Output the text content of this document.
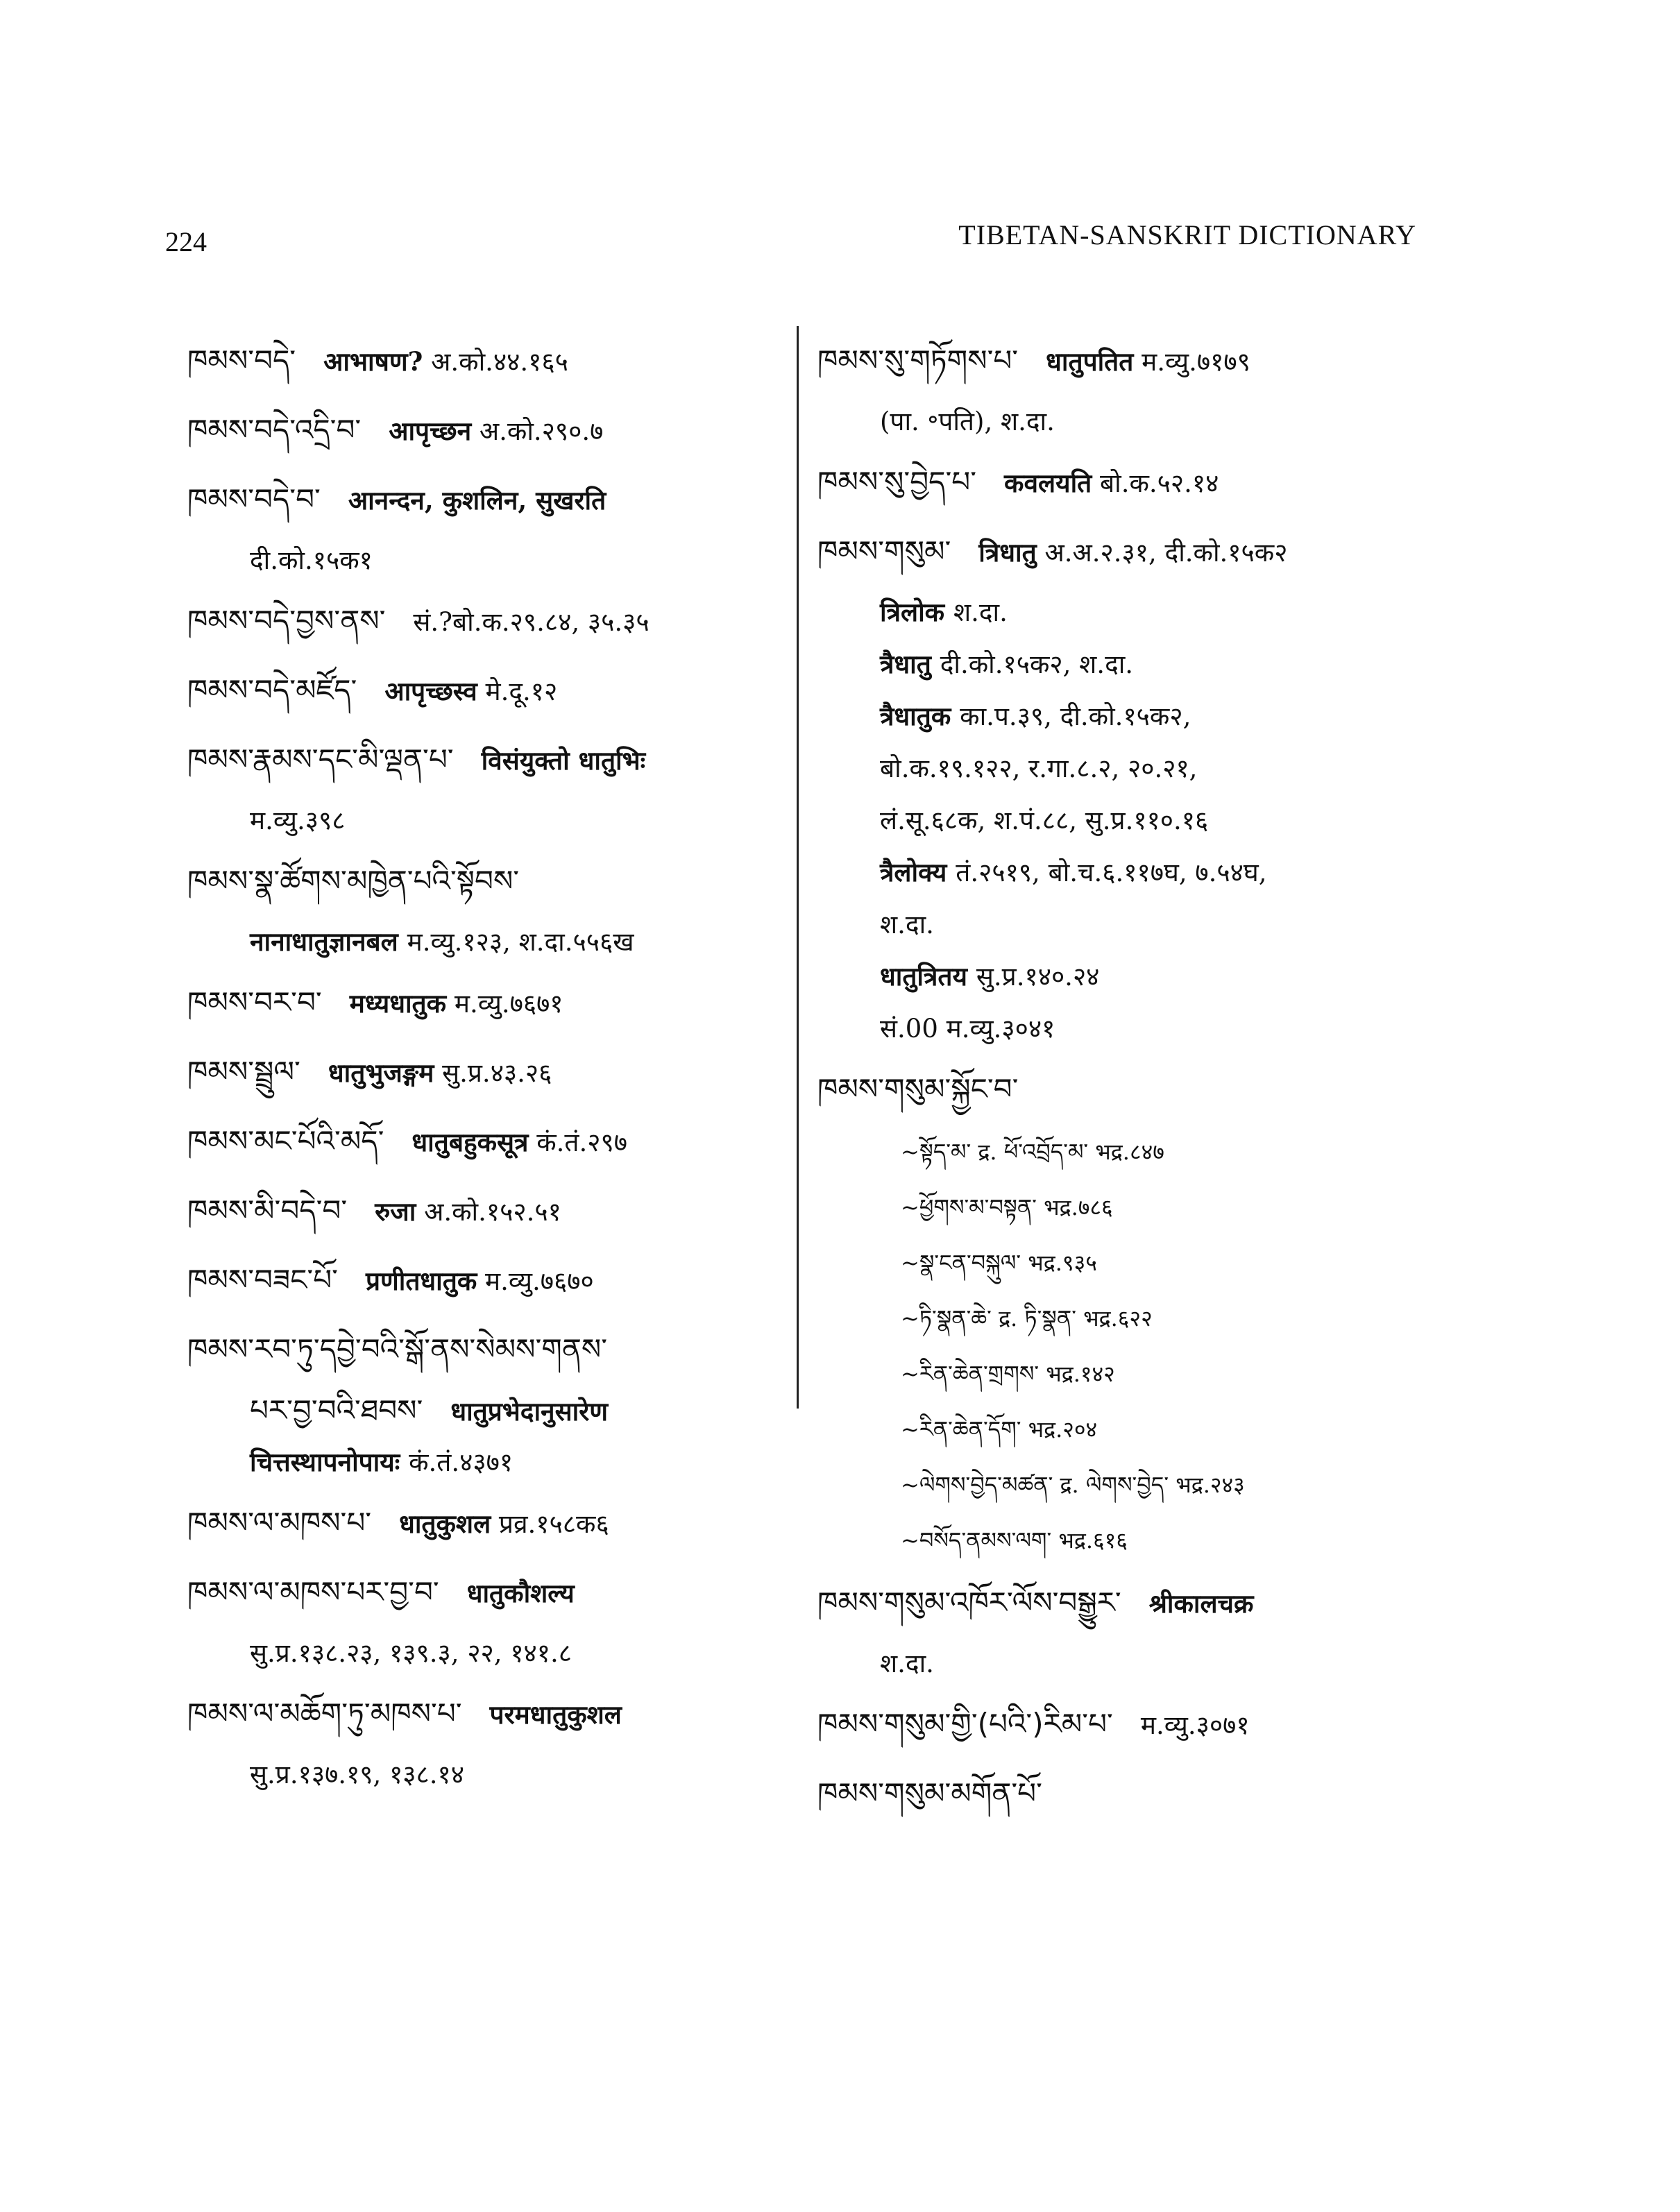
224	TIBETAN-SANSKRIT DICTIONARY
ཁམས་བདེ་ आभाषण? अ.को.४४.१६५
ཁམས་བདེ་འདྲི་བ་ आपृच्छन अ.को.२९०.७
ཁམས་བདེ་བ་ आनन्दन, कुशलिन, सुखरति
दी.को.१५क१
ཁམས་བདེ་བྱས་ནས་ सं.?बो.क.२९.८४, ३५.३५
ཁམས་བདེ་མཛོད་ आपृच्छस्व मे.दू.१२
ཁམས་རྣམས་དང་མི་ལྡན་པ་ विसंयुक्तो धातुभिः
म.व्यु.३९८
ཁམས་སྣ་ཚོགས་མཁྱེན་པའི་སྟོབས་
नानाधातुज्ञानबल म.व्यु.१२३, श.दा.५५६ख
ཁམས་བར་བ་ मध्यधातुक म.व्यु.७६७१
ཁམས་སྦྲུལ་ धातुभुजङ्गम सु.प्र.४३.२६
ཁམས་མང་པོའི་མདོ་ धातुबहुकसूत्र कं.तं.२९७
ཁམས་མི་བདེ་བ་ रुजा अ.को.१५२.५१
ཁམས་བཟང་པོ་ प्रणीतधातुक म.व्यु.७६७०
ཁམས་རབ་ཏུ་དབྱེ་བའི་སྒོ་ནས་སེམས་གནས་
པར་བྱ་བའི་ཐབས་ धातुप्रभेदानुसारेण
चित्तस्थापनोपायः कं.तं.४३७१
ཁམས་ལ་མཁས་པ་ धातुकुशल प्रव्र.१५८क६
ཁམས་ལ་མཁས་པར་བྱ་བ་ धातुकौशल्य
सु.प्र.१३८.२३, १३९.३, २२, १४१.८
ཁམས་ལ་མཆོག་ཏུ་མཁས་པ་ परमधातुकुशल
सु.प्र.१३७.१९, १३८.१४
ཁམས་སུ་གཏོགས་པ་ धातुपतित म.व्यु.७१७९
(पा. ॰पति), श.दा.
ཁམས་སུ་བྱེད་པ་ कवलयति बो.क.५२.१४
ཁམས་གསུམ་ त्रिधातु अ.अ.२.३१, दी.को.१५क२
त्रिलोक श.दा.
त्रैधातु दी.को.१५क२, श.दा.
त्रैधातुक का.प.३९, दी.को.१५क२,
बो.क.१९.१२२, र.गा.८.२, २०.२१,
लं.सू.६८क, श.पं.८८, सु.प्र.११०.१६
त्रैलोक्य तं.२५१९, बो.च.६.११७घ, ७.५४घ,
श.दा.
धातुत्रितय सु.प्र.१४०.२४
सं.00 म.व्यु.३०४१
ཁམས་གསུམ་སྐྱོང་བ་
~སྟོད་མ་ द्र. ཕོ་འབྲོད་མ་ भद्र.८४७
~ཕྱོགས་མ་བསྟན་ भद्र.७८६
~སྣ་ངན་བསྐུལ་ भद्र.९३५
~ཏི་སྣན་ཆེ་ द्र. ཏི་སྣན་ भद्र.६२२
~རིན་ཆེན་གྲགས་ भद्र.१४२
~རིན་ཆེན་དོག་ भद्र.२०४
~ལེགས་བྱེད་མཚན་ द्र. ལེགས་བྱེད་ भद्र.२४३
~བསོད་ནམས་ལག་ भद्र.६१६
ཁམས་གསུམ་འཁོར་ལོས་བསྒྱུར་ श्रीकालचक्र
श.दा.
ཁམས་གསུམ་གྱི་(པའི་)རིམ་པ་ म.व्यु.३०७१
ཁམས་གསུམ་མགོན་པོ་
